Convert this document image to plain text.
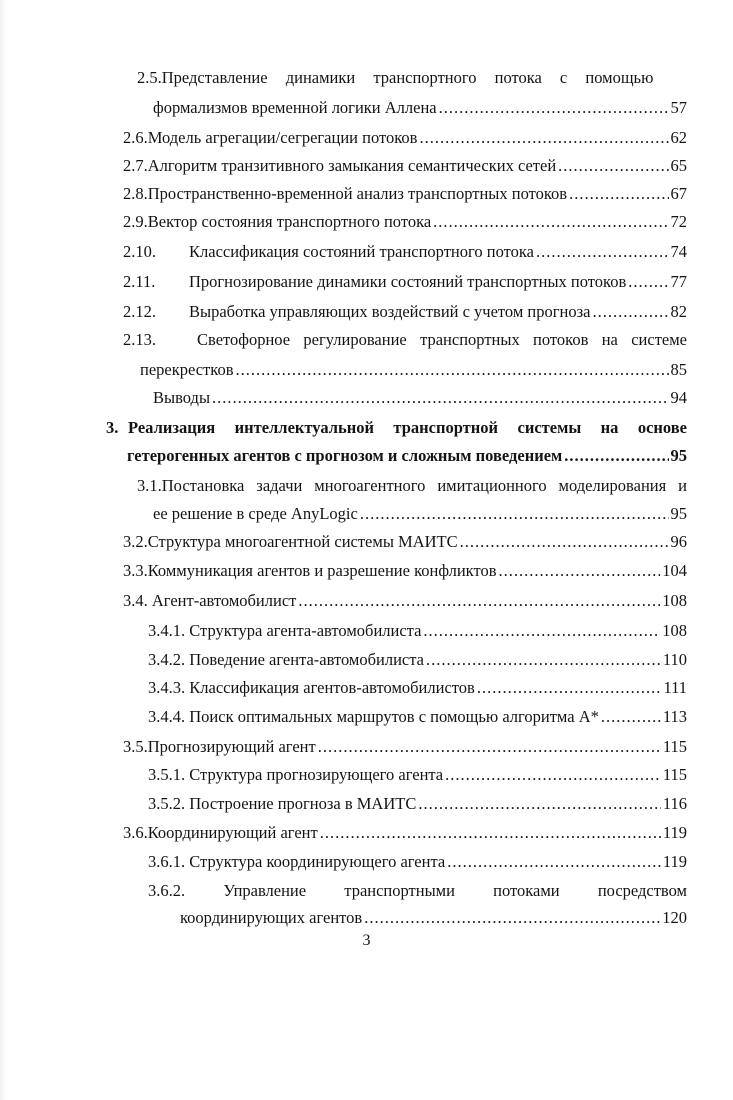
2.5.Представление динамики транспортного потока с помощью
формализмов временной логики Аллена .....	57
2.6.Модель агрегации/сегрегации потоков .....	62
2.7.Алгоритм транзитивного замыкания семантических сетей .....	65
2.8.Пространственно-временной анализ транспортных потоков .....	67
2.9.Вектор состояния транспортного потока .....	72
2.10.	Классификация состояний транспортного потока .....	74
2.11.	Прогнозирование динамики состояний транспортных потоков .....	77
2.12.	Выработка управляющих воздействий с учетом прогноза .....	82
2.13.	Светофорное регулирование транспортных потоков на системе
перекрестков .....	85
Выводы .....	94
3. Реализация интеллектуальной транспортной системы на основе
гетерогенных агентов с прогнозом и сложным поведением .....	95
3.1.Постановка задачи многоагентного имитационного моделирования и
ее решение в среде AnyLogic .....	95
3.2.Структура многоагентной системы МАИТС .....	96
3.3.Коммуникация агентов и разрешение конфликтов .....	104
3.4. Агент-автомобилист .....	108
3.4.1. Структура агента-автомобилиста .....	108
3.4.2. Поведение агента-автомобилиста .....	110
3.4.3. Классификация агентов-автомобилистов .....	111
3.4.4. Поиск оптимальных маршрутов с помощью алгоритма А* .....	113
3.5.Прогнозирующий агент .....	115
3.5.1. Структура прогнозирующего агента .....	115
3.5.2. Построение прогноза в МАИТС .....	116
3.6.Координирующий агент .....	119
3.6.1. Структура координирующего агента .....	119
3.6.2. Управление транспортными потоками посредством
координирующих агентов .....	120
3
